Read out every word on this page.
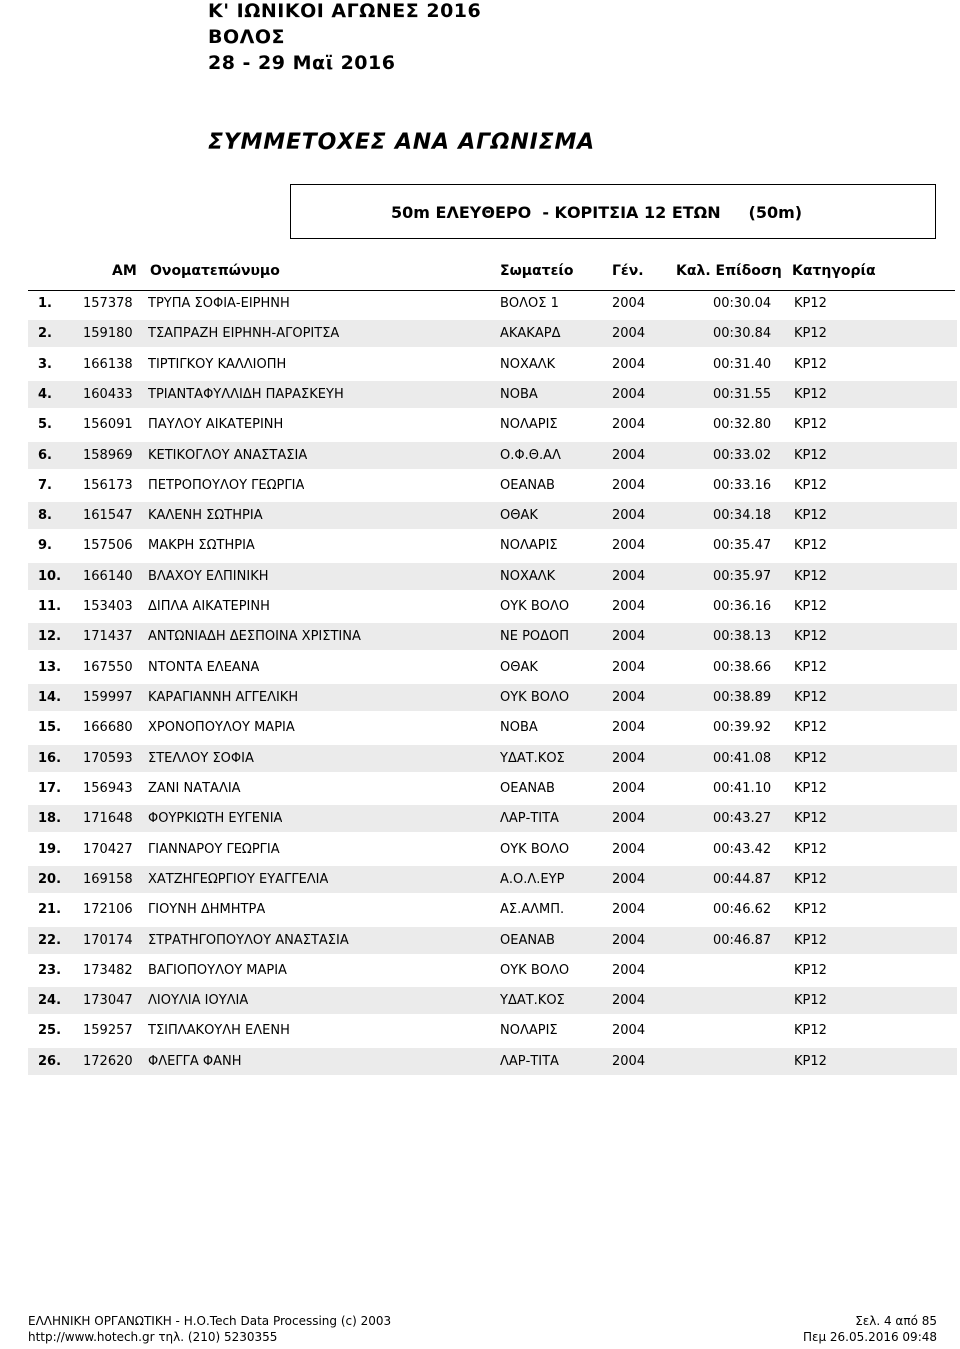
Κ' ΙΩΝΙΚΟΙ ΑΓΩΝΕΣ 2016
ΒΟΛΟΣ
28 - 29 Μαϊ 2016
ΣΥΜΜΕΤΟΧΕΣ ΑΝΑ ΑΓΩΝΙΣΜΑ
50m ΕΛΕΥΘΕΡΟ  - ΚΟΡΙΤΣΙΑ 12 ΕΤΩΝ     (50m)
ΑΜ Ονοματεπώνυμο	Σωματείο	Γέν. Καλ. Επίδοση Κατηγορία
1. 157378 ΤΡΥΠΑ ΣΟΦΙΑ-ΕΙΡΗΝΗ	ΒΟΛΟΣ 1	2004	00:30.04 ΚΡ12
2. 159180 ΤΣΑΠΡΑΖΗ ΕΙΡΗΝΗ-ΑΓΟΡΙΤΣΑ	ΑΚΑΚΑΡΔ	2004	00:30.84 ΚΡ12
3. 166138 ΤΙΡΤΙΓΚΟΥ ΚΑΛΛΙΟΠΗ	ΝΟΧΑΛΚ	2004	00:31.40 ΚΡ12
4. 160433 ΤΡΙΑΝΤΑΦΥΛΛΙΔΗ ΠΑΡΑΣΚΕΥΗ	ΝΟΒΑ	2004	00:31.55 ΚΡ12
5. 156091 ΠΑΥΛΟΥ ΑΙΚΑΤΕΡΙΝΗ	ΝΟΛΑΡΙΣ	2004	00:32.80 ΚΡ12
6. 158969 ΚΕΤΙΚΟΓΛΟΥ ΑΝΑΣΤΑΣΙΑ	Ο.Φ.Θ.ΑΛ	2004	00:33.02 ΚΡ12
7. 156173 ΠΕΤΡΟΠΟΥΛΟΥ ΓΕΩΡΓΙΑ	ΟΕΑΝΑΒ	2004	00:33.16 ΚΡ12
8. 161547 ΚΑΛΕΝΗ ΣΩΤΗΡΙΑ	ΟΘΑΚ	2004	00:34.18 ΚΡ12
9. 157506 ΜΑΚΡΗ ΣΩΤΗΡΙΑ	ΝΟΛΑΡΙΣ	2004	00:35.47 ΚΡ12
10. 166140 ΒΛΑΧΟΥ ΕΛΠΙΝΙΚΗ	ΝΟΧΑΛΚ	2004	00:35.97 ΚΡ12
11. 153403 ΔΙΠΛΑ ΑΙΚΑΤΕΡΙΝΗ	ΟΥΚ ΒΟΛΟ	2004	00:36.16 ΚΡ12
12. 171437 ΑΝΤΩΝΙΑΔΗ ΔΕΣΠΟΙΝΑ ΧΡΙΣΤΙΝΑ	ΝΕ ΡΟΔΟΠ	2004	00:38.13 ΚΡ12
13. 167550 ΝΤΟΝΤΑ ΕΛΕΑΝΑ	ΟΘΑΚ	2004	00:38.66 ΚΡ12
14. 159997 ΚΑΡΑΓΙΑΝΝΗ ΑΓΓΕΛΙΚΗ	ΟΥΚ ΒΟΛΟ	2004	00:38.89 ΚΡ12
15. 166680 ΧΡΟΝΟΠΟΥΛΟΥ ΜΑΡΙΑ	ΝΟΒΑ	2004	00:39.92 ΚΡ12
16. 170593 ΣΤΕΛΛΟΥ ΣΟΦΙΑ	ΥΔΑΤ.ΚΟΣ	2004	00:41.08 ΚΡ12
17. 156943 ΖΑΝΙ ΝΑΤΑΛΙΑ	ΟΕΑΝΑΒ	2004	00:41.10 ΚΡ12
18. 171648 ΦΟΥΡΚΙΩΤΗ ΕΥΓΕΝΙΑ	ΛΑΡ-ΤΙΤΑ	2004	00:43.27 ΚΡ12
19. 170427 ΓΙΑΝΝΑΡΟΥ ΓΕΩΡΓΙΑ	ΟΥΚ ΒΟΛΟ	2004	00:43.42 ΚΡ12
20. 169158 ΧΑΤΖΗΓΕΩΡΓΙΟΥ ΕΥΑΓΓΕΛΙΑ	Α.Ο.Λ.ΕΥΡ	2004	00:44.87 ΚΡ12
21. 172106 ΓΙΟΥΝΗ ΔΗΜΗΤΡΑ	ΑΣ.ΑΛΜΠ.	2004	00:46.62 ΚΡ12
22. 170174 ΣΤΡΑΤΗΓΟΠΟΥΛΟΥ ΑΝΑΣΤΑΣΙΑ	ΟΕΑΝΑΒ	2004	00:46.87 ΚΡ12
23. 173482 ΒΑΓΙΟΠΟΥΛΟΥ ΜΑΡΙΑ	ΟΥΚ ΒΟΛΟ	2004	ΚΡ12
24. 173047 ΛΙΟΥΛΙΑ ΙΟΥΛΙΑ	ΥΔΑΤ.ΚΟΣ	2004	ΚΡ12
25. 159257 ΤΣΙΠΛΑΚΟΥΛΗ ΕΛΕΝΗ	ΝΟΛΑΡΙΣ	2004	ΚΡ12
26. 172620 ΦΛΕΓΓΑ ΦΑΝΗ	ΛΑΡ-ΤΙΤΑ	2004	ΚΡ12
ΕΛΛΗΝΙΚΗ ΟΡΓΑΝΩΤΙΚΗ - Η.Ο.Tech Data Processing (c) 2003
http://www.hotech.gr τηλ. (210) 5230355
Σελ. 4 από 85
Πεμ 26.05.2016 09:48
